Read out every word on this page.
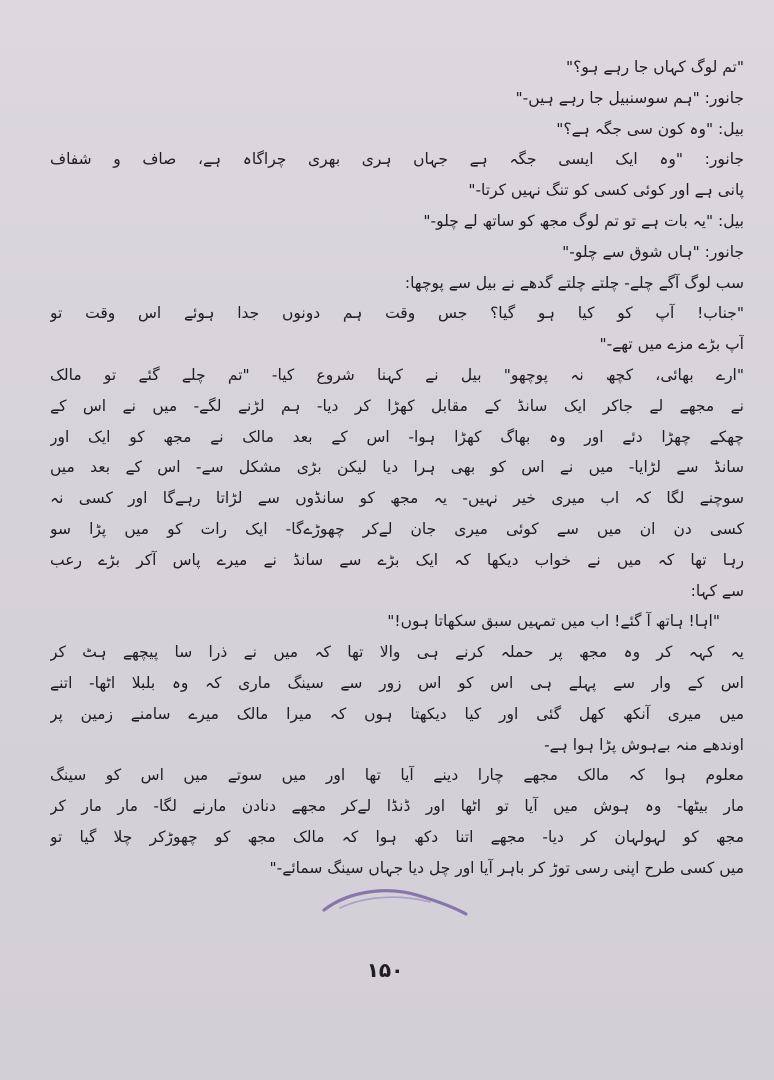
"تم لوگ کہاں جا رہے ہو؟"
جانور: "ہم سوسنبیل جا رہے ہیں-"
بیل: "وہ کون سی جگہ ہے؟"
جانور: "وہ ایک ایسی جگہ ہے جہاں ہری بھری چراگاہ ہے، صاف و شفاف
پانی ہے اور کوئی کسی کو تنگ نہیں کرتا-"
بیل: "یہ بات ہے تو تم لوگ مجھ کو ساتھ لے چلو-"
جانور: "ہاں شوق سے چلو-"
سب لوگ آگے چلے- چلتے چلتے گدھے نے بیل سے پوچھا:
"جناب! آپ کو کیا ہو گیا؟ جس وقت ہم دونوں جدا ہوئے اس وقت تو
آپ بڑے مزے میں تھے-"
"ارے بھائی، کچھ نہ پوچھو" بیل نے کہنا شروع کیا- "تم چلے گئے تو مالک
نے مجھے لے جاکر ایک سانڈ کے مقابل کھڑا کر دیا- ہم لڑنے لگے- میں نے اس کے
چھکے چھڑا دئے اور وہ بھاگ کھڑا ہوا- اس کے بعد مالک نے مجھ کو ایک اور
سانڈ سے لڑایا- میں نے اس کو بھی ہرا دیا لیکن بڑی مشکل سے- اس کے بعد میں
سوچنے لگا کہ اب میری خیر نہیں- یہ مجھ کو سانڈوں سے لڑاتا رہےگا اور کسی نہ
کسی دن ان میں سے کوئی میری جان لےکر چھوڑےگا- ایک رات کو میں پڑا سو
رہا تھا کہ میں نے خواب دیکھا کہ ایک بڑے سے سانڈ نے میرے پاس آکر بڑے رعب
سے کہا:
"اہا! ہاتھ آ گئے! اب میں تمہیں سبق سکھاتا ہوں!"
یہ کہہ کر وہ مجھ پر حملہ کرنے ہی والا تھا کہ میں نے ذرا سا پیچھے ہٹ کر
اس کے وار سے پہلے ہی اس کو اس زور سے سینگ ماری کہ وہ بلبلا اٹھا- اتنے
میں میری آنکھ کھل گئی اور کیا دیکھتا ہوں کہ میرا مالک میرے سامنے زمین پر
اوندھے منہ بےہوش پڑا ہوا ہے-
معلوم ہوا کہ مالک مجھے چارا دینے آیا تھا اور میں سوتے میں اس کو سینگ
مار بیٹھا- وہ ہوش میں آیا تو اٹھا اور ڈنڈا لےکر مجھے دنادن مارنے لگا- مار مار کر
مجھ کو لہولہان کر دیا- مجھے اتنا دکھ ہوا کہ مالک مجھ کو چھوڑکر چلا گیا تو
میں کسی طرح اپنی رسی توڑ کر باہر آیا اور چل دیا جہاں سینگ سمائے-"
۱۵۰
